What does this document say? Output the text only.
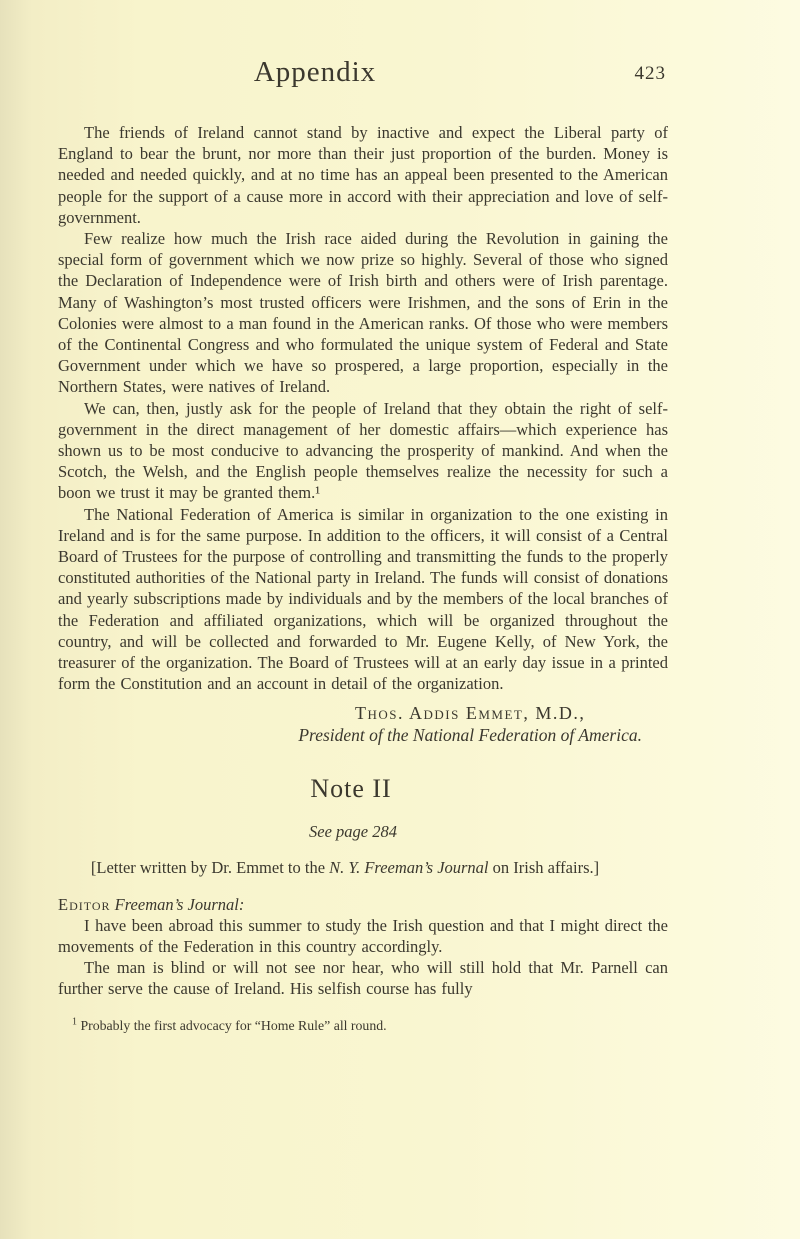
Appendix	423

The friends of Ireland cannot stand by inactive and expect the Liberal party of England to bear the brunt, nor more than their just proportion of the burden. Money is needed and needed quickly, and at no time has an appeal been presented to the American people for the support of a cause more in accord with their appreciation and love of self-government.

Few realize how much the Irish race aided during the Revolution in gaining the special form of government which we now prize so highly. Several of those who signed the Declaration of Independence were of Irish birth and others were of Irish parentage. Many of Washington’s most trusted officers were Irishmen, and the sons of Erin in the Colonies were almost to a man found in the American ranks. Of those who were members of the Continental Congress and who formulated the unique system of Federal and State Government under which we have so prospered, a large proportion, especially in the Northern States, were natives of Ireland.

We can, then, justly ask for the people of Ireland that they obtain the right of self-government in the direct management of her domestic affairs—which experience has shown us to be most conducive to advancing the prosperity of mankind. And when the Scotch, the Welsh, and the English people themselves realize the necessity for such a boon we trust it may be granted them.¹

The National Federation of America is similar in organization to the one existing in Ireland and is for the same purpose. In addition to the officers, it will consist of a Central Board of Trustees for the purpose of controlling and transmitting the funds to the properly constituted authorities of the National party in Ireland. The funds will consist of donations and yearly subscriptions made by individuals and by the members of the local branches of the Federation and affiliated organizations, which will be organized throughout the country, and will be collected and forwarded to Mr. Eugene Kelly, of New York, the treasurer of the organization. The Board of Trustees will at an early day issue in a printed form the Constitution and an account in detail of the organization.

Thos. Addis Emmet, M.D.,
President of the National Federation of America.
Note II
See page 284
[Letter written by Dr. Emmet to the N. Y. Freeman’s Journal on Irish affairs.]
Editor Freeman’s Journal:

I have been abroad this summer to study the Irish question and that I might direct the movements of the Federation in this country accordingly.

The man is blind or will not see nor hear, who will still hold that Mr. Parnell can further serve the cause of Ireland. His selfish course has fully

$^1$ Probably the first advocacy for “Home Rule” all round.
